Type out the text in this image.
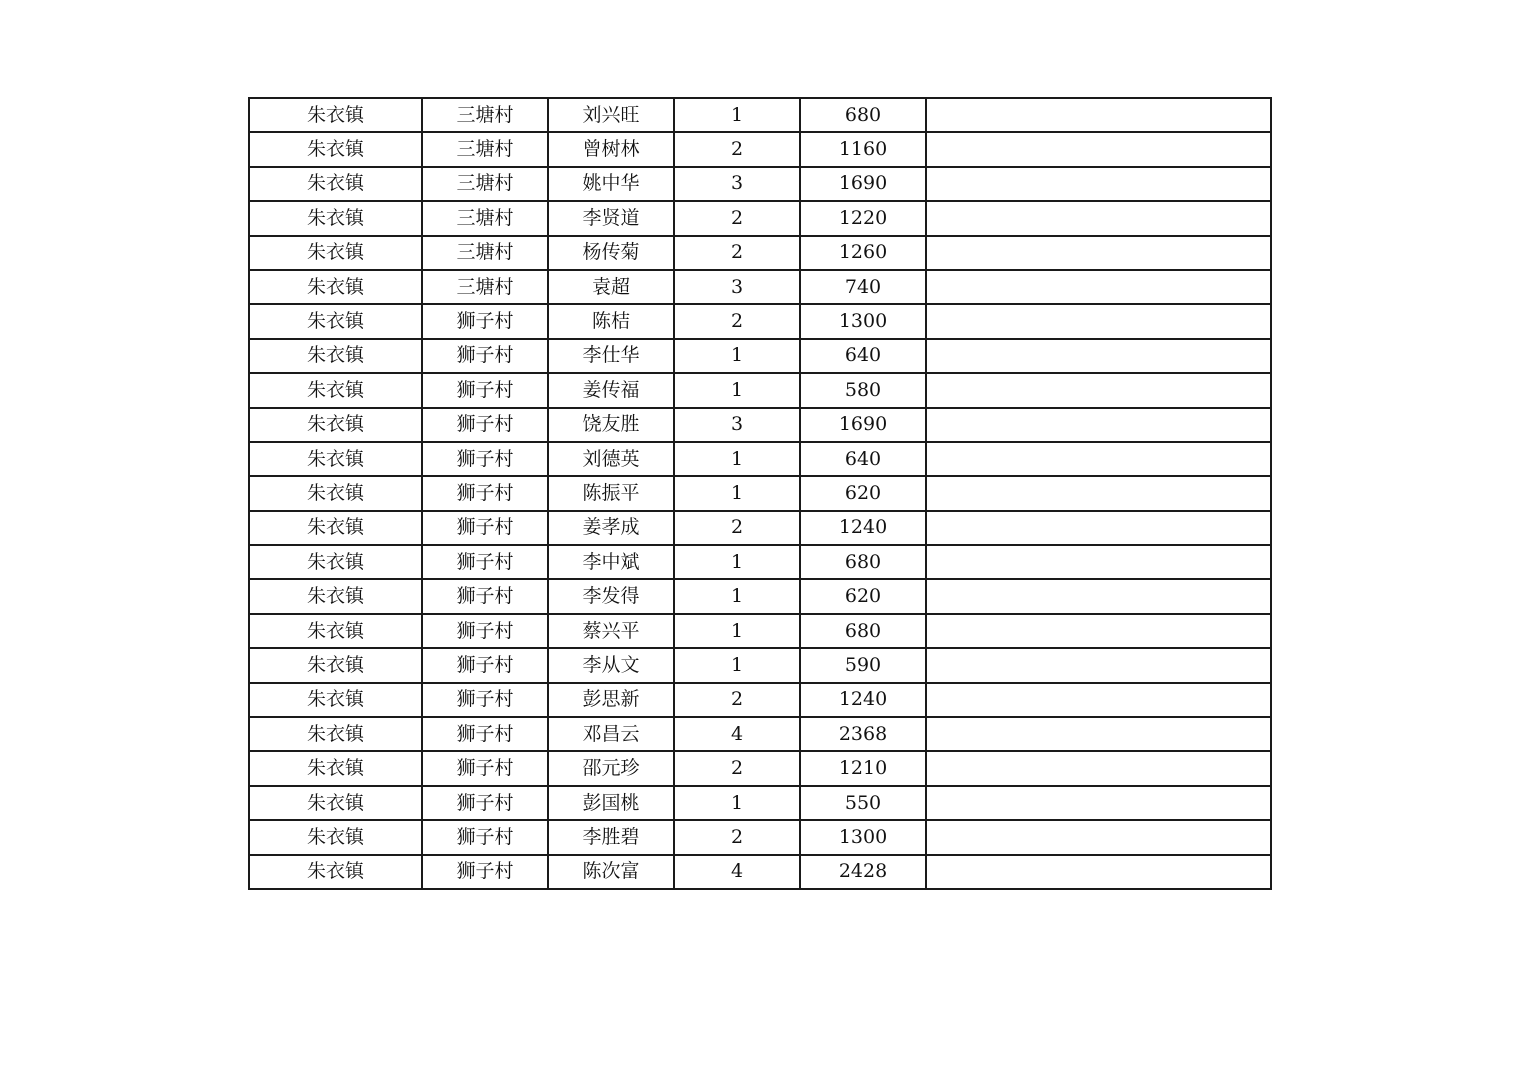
朱衣镇	三塘村	刘兴旺	1	680	
朱衣镇	三塘村	曾树林	2	1160	
朱衣镇	三塘村	姚中华	3	1690	
朱衣镇	三塘村	李贤道	2	1220	
朱衣镇	三塘村	杨传菊	2	1260	
朱衣镇	三塘村	袁超	3	740	
朱衣镇	狮子村	陈桔	2	1300	
朱衣镇	狮子村	李仕华	1	640	
朱衣镇	狮子村	姜传福	1	580	
朱衣镇	狮子村	饶友胜	3	1690	
朱衣镇	狮子村	刘德英	1	640	
朱衣镇	狮子村	陈振平	1	620	
朱衣镇	狮子村	姜孝成	2	1240	
朱衣镇	狮子村	李中斌	1	680	
朱衣镇	狮子村	李发得	1	620	
朱衣镇	狮子村	蔡兴平	1	680	
朱衣镇	狮子村	李从文	1	590	
朱衣镇	狮子村	彭思新	2	1240	
朱衣镇	狮子村	邓昌云	4	2368	
朱衣镇	狮子村	邵元珍	2	1210	
朱衣镇	狮子村	彭国桃	1	550	
朱衣镇	狮子村	李胜碧	2	1300	
朱衣镇	狮子村	陈次富	4	2428	
